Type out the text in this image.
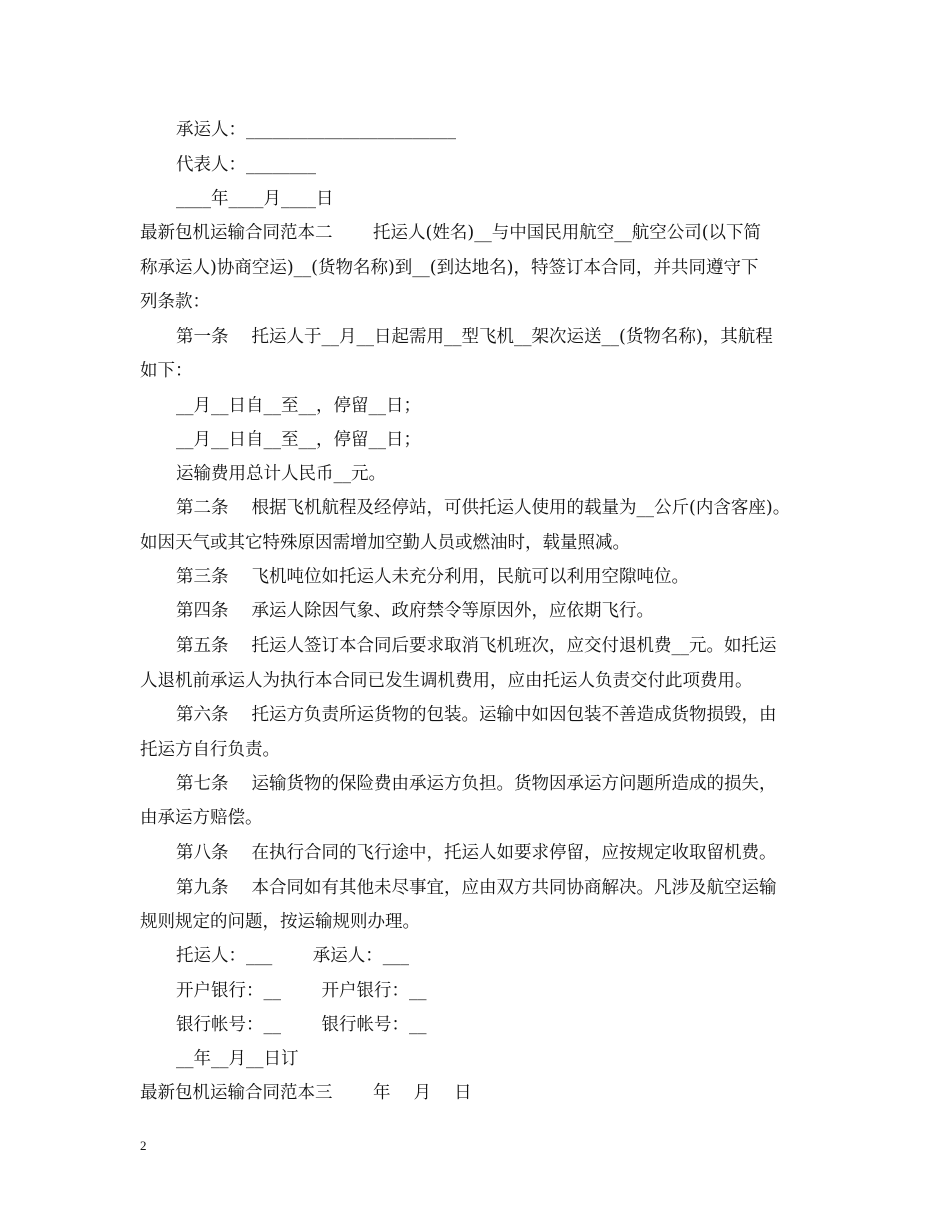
承运人：________________________
代表人：________
____年____月____日
最新包机运输合同范本二 　　托运人(姓名)__与中国民用航空__航空公司(以下简
称承运人)协商空运)__(货物名称)到__(到达地名)，特签订本合同，并共同遵守下
列条款：
第一条 　托运人于__月__日起需用__型飞机__架次运送__(货物名称)，其航程
如下：
__月__日自__至__，停留__日；
__月__日自__至__，停留__日；
运输费用总计人民币__元。
第二条 　根据飞机航程及经停站，可供托运人使用的载量为__公斤(内含客座)。
如因天气或其它特殊原因需增加空勤人员或燃油时，载量照减。
第三条 　飞机吨位如托运人未充分利用，民航可以利用空隙吨位。
第四条 　承运人除因气象、政府禁令等原因外，应依期飞行。
第五条 　托运人签订本合同后要求取消飞机班次，应交付退机费__元。如托运
人退机前承运人为执行本合同已发生调机费用，应由托运人负责交付此项费用。
第六条 　托运方负责所运货物的包装。运输中如因包装不善造成货物损毁，由
托运方自行负责。
第七条 　运输货物的保险费由承运方负担。货物因承运方问题所造成的损失，
由承运方赔偿。
第八条 　在执行合同的飞行途中，托运人如要求停留，应按规定收取留机费。
第九条 　本合同如有其他未尽事宜，应由双方共同协商解决。凡涉及航空运输
规则规定的问题，按运输规则办理。
托运人：___ 　　承运人：___
开户银行：__ 　　开户银行：__
银行帐号：__ 　　银行帐号：__
__年__月__日订
最新包机运输合同范本三 　　年 　月 　日
2
